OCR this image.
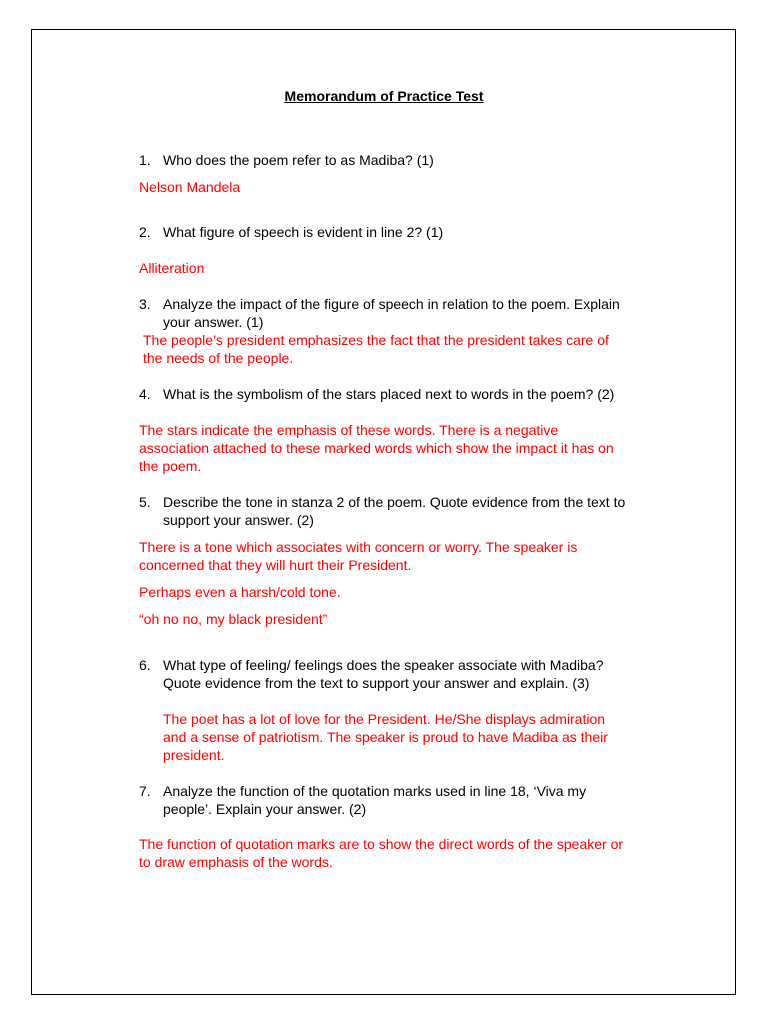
Memorandum of Practice Test
1. Who does the poem refer to as Madiba? (1)
Nelson Mandela
2. What figure of speech is evident in line 2? (1)
Alliteration
3. Analyze the impact of the figure of speech in relation to the poem. Explain
your answer. (1)
The people’s president emphasizes the fact that the president takes care of
the needs of the people.
4. What is the symbolism of the stars placed next to words in the poem? (2)
The stars indicate the emphasis of these words. There is a negative
association attached to these marked words which show the impact it has on
the poem.
5. Describe the tone in stanza 2 of the poem. Quote evidence from the text to
support your answer. (2)
There is a tone which associates with concern or worry. The speaker is
concerned that they will hurt their President.
Perhaps even a harsh/cold tone.
“oh no no, my black president”
6. What type of feeling/ feelings does the speaker associate with Madiba?
Quote evidence from the text to support your answer and explain. (3)
The poet has a lot of love for the President. He/She displays admiration
and a sense of patriotism. The speaker is proud to have Madiba as their
president.
7. Analyze the function of the quotation marks used in line 18, ‘Viva my
people’. Explain your answer. (2)
The function of quotation marks are to show the direct words of the speaker or
to draw emphasis of the words.
